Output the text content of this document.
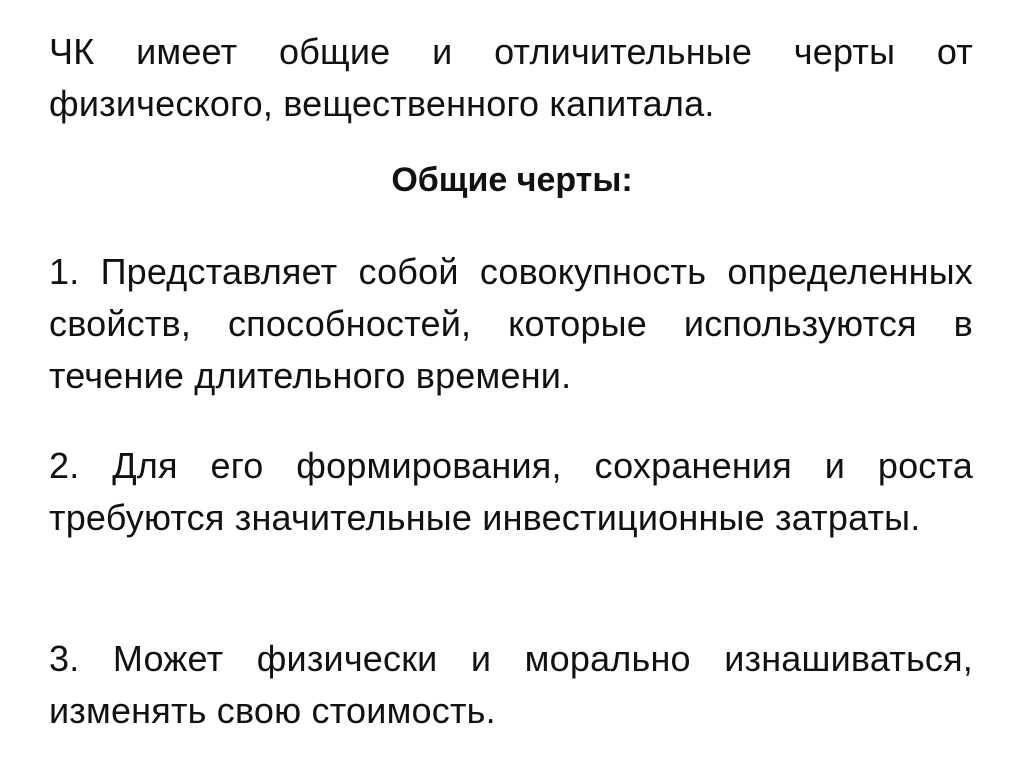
ЧК имеет общие и отличительные черты от физического, вещественного капитала.

Общие черты:

1. Представляет собой совокупность определенных свойств, способностей, которые используются в течение длительного времени.

2. Для его формирования, сохранения и роста требуются значительные инвестиционные затраты.

3. Может физически и морально изнашиваться, изменять свою стоимость.
